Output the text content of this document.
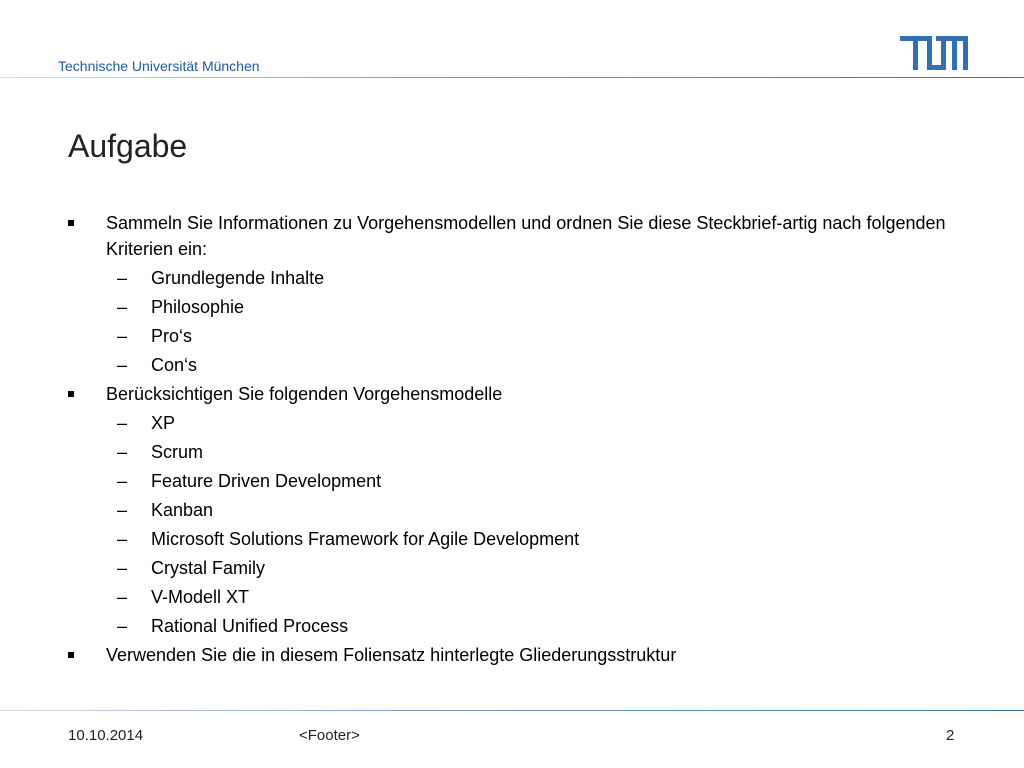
Technische Universität München
Aufgabe
Sammeln Sie Informationen zu Vorgehensmodellen und ordnen Sie diese Steckbrief-artig nach folgenden Kriterien ein:
– Grundlegende Inhalte
– Philosophie
– Pro‘s
– Con‘s
Berücksichtigen Sie folgenden Vorgehensmodelle
– XP
– Scrum
– Feature Driven Development
– Kanban
– Microsoft Solutions Framework for Agile Development
– Crystal Family
– V-Modell XT
– Rational Unified Process
Verwenden Sie die in diesem Foliensatz hinterlegte Gliederungsstruktur
10.10.2014	<Footer>	2
